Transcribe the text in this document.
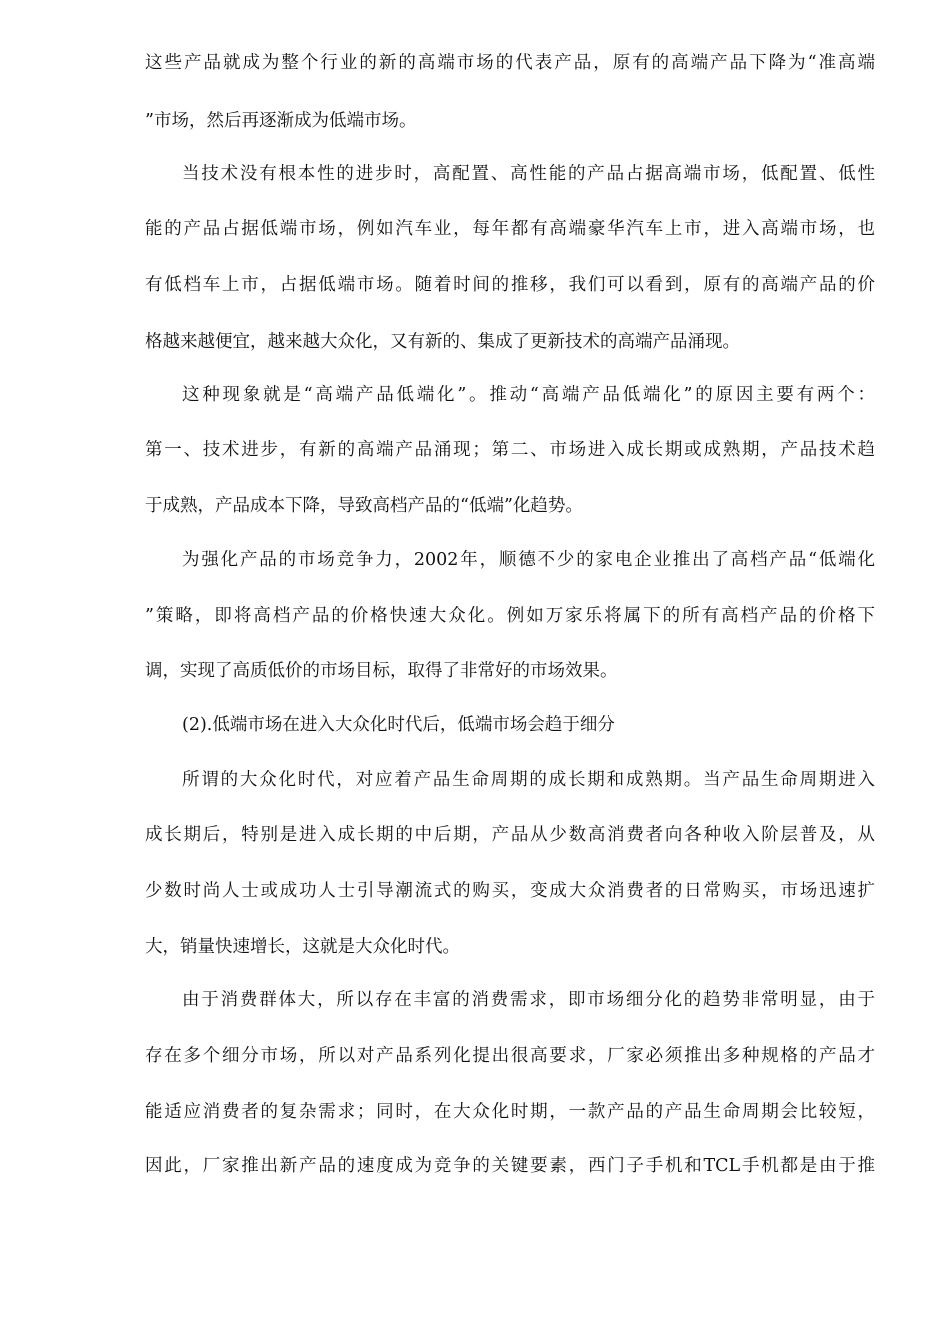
这些产品就成为整个行业的新的高端市场的代表产品，原有的高端产品下降为“准高端
”市场，然后再逐渐成为低端市场。
当技术没有根本性的进步时，高配置、高性能的产品占据高端市场，低配置、低性
能的产品占据低端市场，例如汽车业，每年都有高端豪华汽车上市，进入高端市场，也
有低档车上市，占据低端市场。随着时间的推移，我们可以看到，原有的高端产品的价
格越来越便宜，越来越大众化，又有新的、集成了更新技术的高端产品涌现。
这种现象就是“高端产品低端化”。推动“高端产品低端化”的原因主要有两个：
第一、技术进步，有新的高端产品涌现；第二、市场进入成长期或成熟期，产品技术趋
于成熟，产品成本下降，导致高档产品的“低端”化趋势。
为强化产品的市场竞争力，2002年，顺德不少的家电企业推出了高档产品“低端化
”策略，即将高档产品的价格快速大众化。例如万家乐将属下的所有高档产品的价格下
调，实现了高质低价的市场目标，取得了非常好的市场效果。
(2).低端市场在进入大众化时代后，低端市场会趋于细分
所谓的大众化时代，对应着产品生命周期的成长期和成熟期。当产品生命周期进入
成长期后，特别是进入成长期的中后期，产品从少数高消费者向各种收入阶层普及，从
少数时尚人士或成功人士引导潮流式的购买，变成大众消费者的日常购买，市场迅速扩
大，销量快速增长，这就是大众化时代。
由于消费群体大，所以存在丰富的消费需求，即市场细分化的趋势非常明显，由于
存在多个细分市场，所以对产品系列化提出很高要求，厂家必须推出多种规格的产品才
能适应消费者的复杂需求；同时，在大众化时期，一款产品的产品生命周期会比较短，
因此，厂家推出新产品的速度成为竞争的关键要素，西门子手机和TCL手机都是由于推
